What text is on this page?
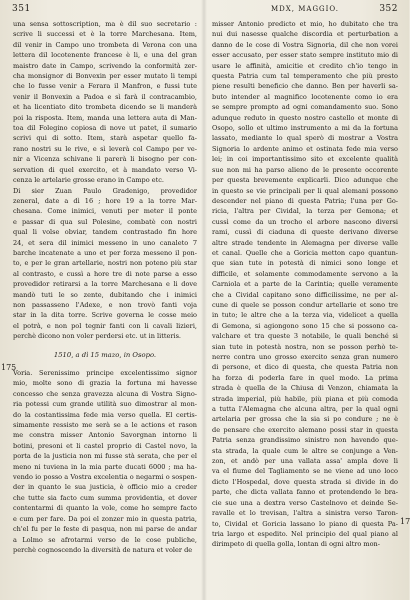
351	MDX, MAGGIO.	352
175
17
una sensa sottoscription, ma è dil suo secretario :
scrive li successi et è la torre Marchesana. Item,
dil venir in Campo uno trombeta di Verona con una
lettera dil locotenente francese è li, e una del gran
maistro date in Campo, scrivendo la conformità zer-
cha monsignor di Bonvexin per esser mutato li tempi
che lo fusse venir a Ferara il Manfron, e fussi tute
venir il Bonvexin a Padoa e sì farà il contracambio,
et ha licentiato dito trombeta dicendo se li manderà
poi la risposta. Item, manda una lettera auta di Man-
toa dil Folegino copiosa di nove ut patet, il sumario
scrivi qui di sotto. Item, starà aspetar quello fa-
rano nostri su le rive, e sì leverà col Campo per ve-
nir a Vicenza schivane li parerà li bisogno per con-
servation di quel exercito, et à mandato verso Vi-
cenza le artelarie grosse erano in Campo etc.
Di sier Zuan Paulo Gradenigo, provedidor
zeneral, date a dì 16 ; hore 19 a la torre Mar-
chesana. Come inimici, venuti per meter il ponte
e passar di qua sul Polesine, combatè con nostri
qual li volse obviar, tandem contrastado fin hore
24, et sera dil inimici messeno in uno canaleto 7
barche incatenate a uno et per forza messeno il pon-
to, e per le gran artellarie, nostri non poteno più star
al contrasto, e cussì a hore tre di note parse a esso
provedidor retirarsi a la torre Marchesana e li dove
mandò tuti le so zente, dubitando che i inimici
non passasseno l'Adexe, e non trovò fanti voja
star in la dita torre. Scrive governa le cosse meio
el potrà, e non pol tegnir fanti con li cavali lizieri,
perchè dicono non voler perdersi etc. ut in litteris.
1510, a dì 15 mazo, in Osopo.
Voria. Serenissimo principe excelentissimo signor
mio, molte sono di grazia la fortuna mi havesse
concesso che senza gravezza alcuna di Vostra Signo-
ria potessi cum grande utilità suo dimostrar al mon-
do la costantissima fede mia verso quella. El certis-
simamente ressisto me serà se a le actions et rason
me constra misser Antonio Savorgnan intorno li
botini, presoni et li castel proprio di Castel novo, la
porta de la justicia non mi fusse stà serata, che per el
meno ni tuviena in la mia parte ducati 6000 ; ma ha-
vendo io posso a Vostra excelentia o negarmi o sospen-
der in quanto le sua justicia, è officio mio a creder
che tutte sia facto cum summa providentia, et dover
contentarmi di quanto la vole, come ho sempre facto
e cum per fare. Da poi el zonzer mio in questa patria,
ch'el fu per le feste di pasqua, non mi parse de andar
a Lolmo se afrotarmi verso de le cose publiche,
perchè cognoscendo la diversità de natura et voler de
misser Antonio predicto et mio, ho dubitato che tra
nui dui nasesse qualche discordia et perturbation a
danno de le cose di Vostra Signoria, dil che non vorei
esser accusato, per esser stato sempre instituto mio di
usare le affinità, amicitie et credito ch'io tengo in
questa Patria cum tal temperamento che più presto
piene resulti beneficio che danno. Ben per haverli sa-
buto intender al magnifico locotenente como io era
se sempre prompto ad ogni comandamento suo. Sono
adunque reduto in questo nostro castello et monte di
Osopo, sollo et ultimo instrumento a mi da la fortuna
lassato, mediante lo qual sperò di mostrar a Vostra
Signoria lo ardente animo et ostinata fede mia verso
lei; in coi importantissimo sito et excelente qualità
sue non mi ha parso alieno de le presente occorente
per questa brevemente explicarli. Dico adunque che
in questo se vie principali per li qual alemani possono
descender nel piano di questa Patria; l'una per Go-
ricia, l'altra per Cividal, la terza per Gemona; et
cussì come da un trocho el arbore nascono diversi
rami, cussì di ciaduna di queste derivano diverse
altre strade tendente in Alemagna per diverse valle
et canal. Quelle che a Goricia metton capo quantun-
que sian tute in potestà di nimici sono longe et
difficile, et solamente commodamente servono a la
Carniola et a parte de la Carintia; quelle veramente
che a Cividal capitano sono difficilissime, ne per al-
cune di quele se posson condur artellarie et sono tre
in tuto; le altre che a la terza via, videlicet a quella
di Gemona, si agiongono sono 15 che si possono ca-
valchare et tra queste 3 notabile, le quali benché si
sian tute in potestà nostra, non se posson perhò te-
nerre contra uno grosso exercito senza gran numero
di persone, et dico di questa, che questa Patria non
ha forza di poderla fare in quel modo. La prima
strada è quella de la Chiusa di Venzon, chiamata la
strada imperial, più habile, più piana et più comoda
a tutta l'Alemagna che alcuna altra, per la qual ogni
artelaria per grossa che la sia si po condure ; ne è
de pensare che exercito alemano possi star in questa
Patria senza grandissimo sinistro non havendo que-
sta strada, la quale cum le altre se conjunge a Ven-
zon, et andò per una vallata assa' ampla dove li
va el fiume del Tagliamento se ne viene ad uno loco
dicto l'Hospedal, dove questa strada si divide in do
parte, che dicta vallata fanno et protendendo le bra-
cie sue una a dextra verso Castelnovo et deinde Se-
ravalle et lo trevisan, l'altra a sinistra verso Taron-
to, Cividal et Goricia lassano lo piano di questa Pa-
tria largo et espedito. Nel principio del qual piano al
dirimpeto di quella golla, lontan di ogni altro mon-
